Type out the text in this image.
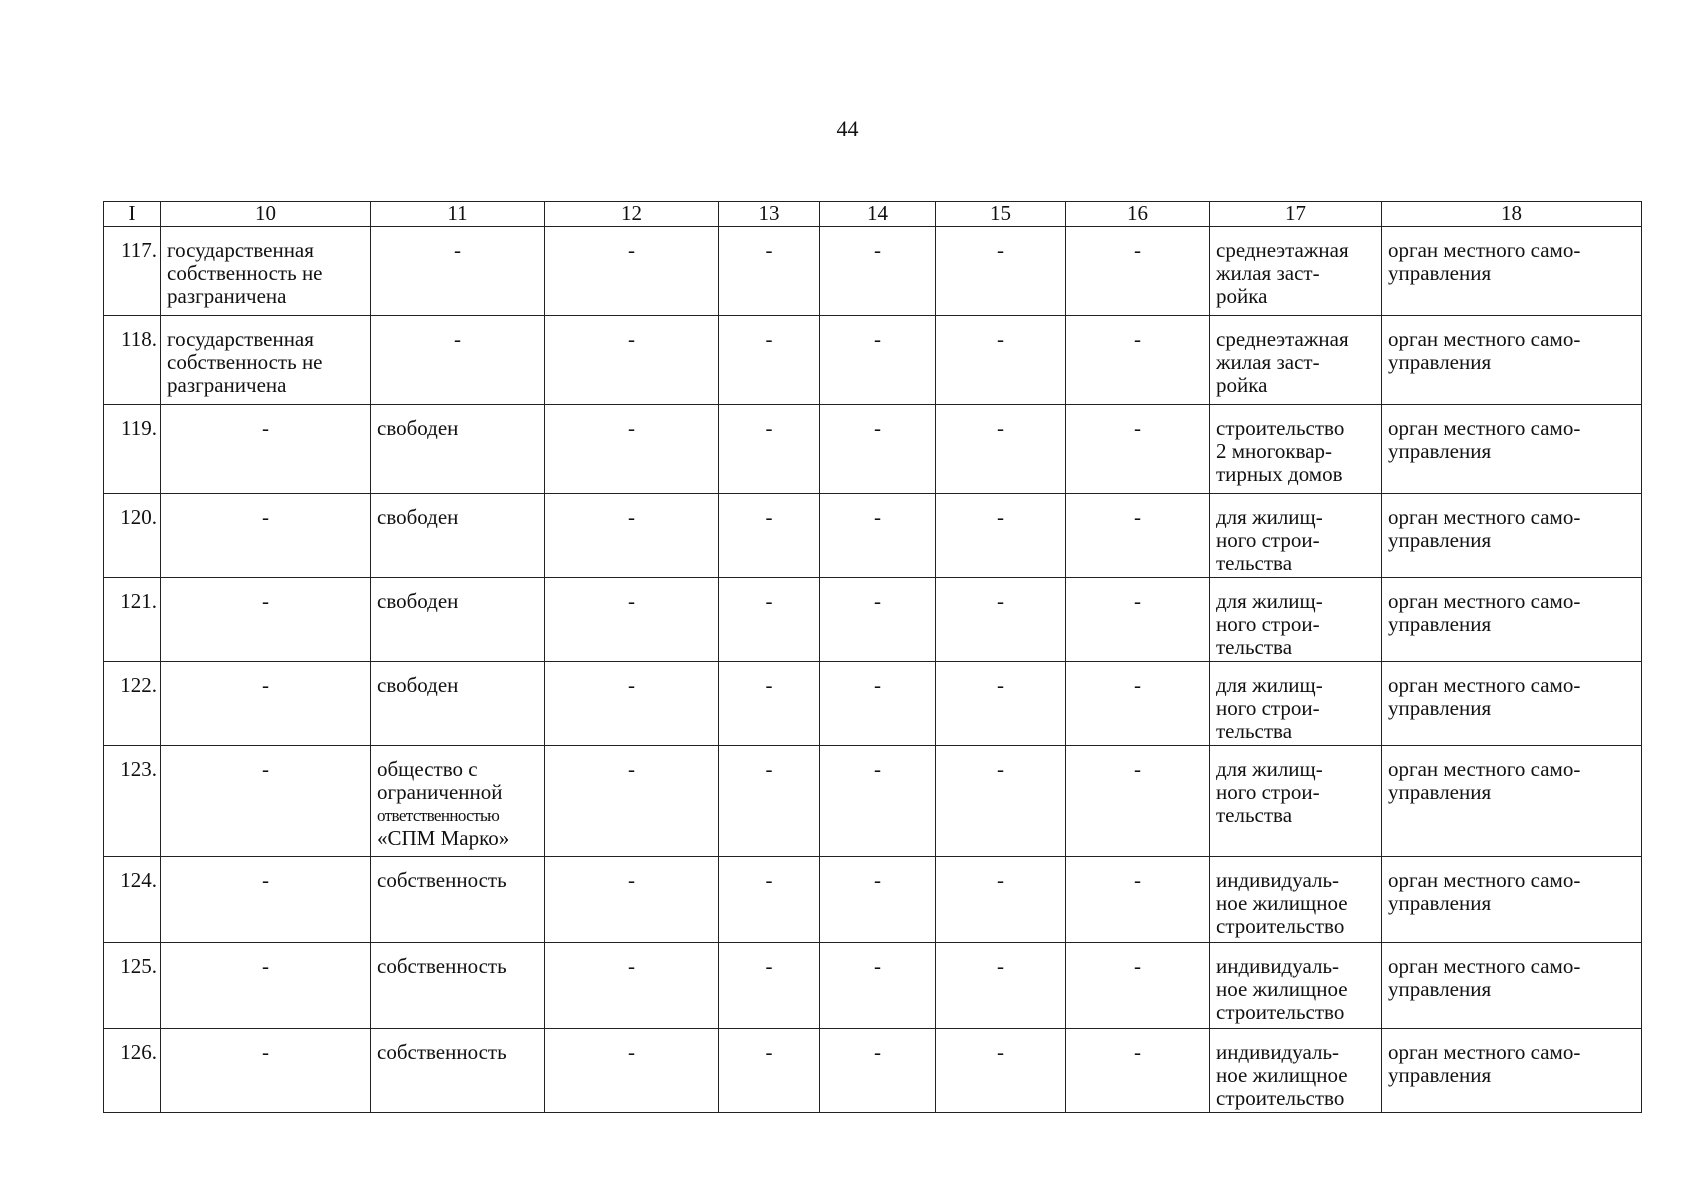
44
I	10	11	12	13	14	15	16	17	18
117.	государственная
собственность не
разграничена	-	-	-	-	-	-	среднеэтажная
жилая заст-
ройка	орган местного само-
управления

118.	государственная
собственность не
разграничена	-	-	-	-	-	-	среднеэтажная
жилая заст-
ройка	орган местного само-
управления

119.	-	свободен	-	-	-	-	-	строительство
2 многоквар-
тирных домов	орган местного само-
управления

120.	-	свободен	-	-	-	-	-	для жилищ-
ного строи-
тельства	орган местного само-
управления

121.	-	свободен	-	-	-	-	-	для жилищ-
ного строи-
тельства	орган местного само-
управления

122.	-	свободен	-	-	-	-	-	для жилищ-
ного строи-
тельства	орган местного само-
управления

123.	-	общество с
ограниченной
ответственностью
«СПМ Марко»	-	-	-	-	-	для жилищ-
ного строи-
тельства	орган местного само-
управления

124.	-	собственность	-	-	-	-	-	индивидуаль-
ное жилищное
строительство	орган местного само-
управления

125.	-	собственность	-	-	-	-	-	индивидуаль-
ное жилищное
строительство	орган местного само-
управления

126.	-	собственность	-	-	-	-	-	индивидуаль-
ное жилищное
строительство	орган местного само-
управления
